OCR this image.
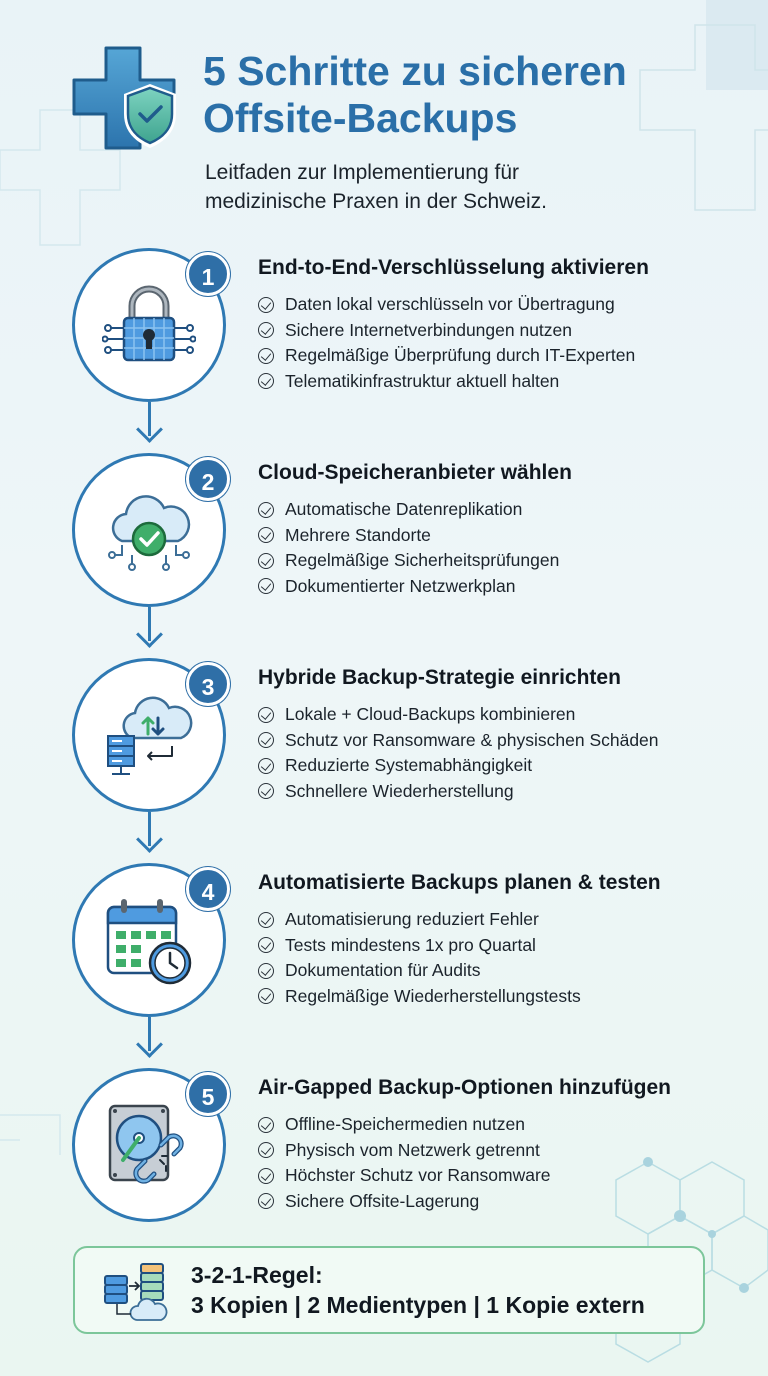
5 Schritte zu sicheren
Offsite-Backups
Leitfaden zur Implementierung für
medizinische Praxen in der Schweiz.
1	End-to-End-Verschlüsselung aktivieren
Daten lokal verschlüsseln vor Übertragung
Sichere Internetverbindungen nutzen
Regelmäßige Überprüfung durch IT-Experten
Telematikinfrastruktur aktuell halten
2	Cloud-Speicheranbieter wählen
Automatische Datenreplikation
Mehrere Standorte
Regelmäßige Sicherheitsprüfungen
Dokumentierter Netzwerkplan
3	Hybride Backup-Strategie einrichten
Lokale + Cloud-Backups kombinieren
Schutz vor Ransomware & physischen Schäden
Reduzierte Systemabhängigkeit
Schnellere Wiederherstellung
4	Automatisierte Backups planen & testen
Automatisierung reduziert Fehler
Tests mindestens 1x pro Quartal
Dokumentation für Audits
Regelmäßige Wiederherstellungstests
5	Air-Gapped Backup-Optionen hinzufügen
Offline-Speichermedien nutzen
Physisch vom Netzwerk getrennt
Höchster Schutz vor Ransomware
Sichere Offsite-Lagerung
3-2-1-Regel:
3 Kopien | 2 Medientypen | 1 Kopie extern
